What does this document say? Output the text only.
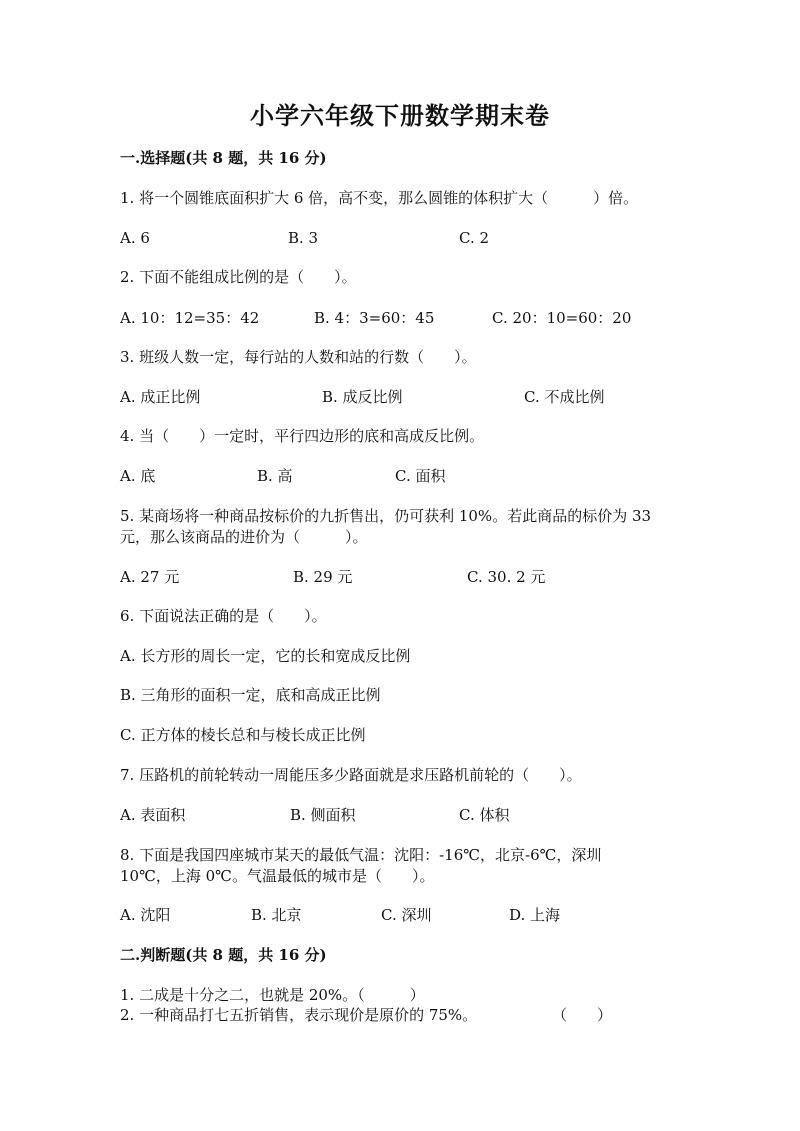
小学六年级下册数学期末卷
一.选择题(共 8 题，共 16 分)
1. 将一个圆锥底面积扩大 6 倍，高不变，那么圆锥的体积扩大（　　　）倍。
A. 6	B. 3	C. 2
2. 下面不能组成比例的是（　　）。
A. 10：12=35：42	B. 4：3=60：45	C. 20：10=60：20
3. 班级人数一定，每行站的人数和站的行数（　　）。
A. 成正比例	B. 成反比例	C. 不成比例
4. 当（　　）一定时，平行四边形的底和高成反比例。
A. 底	B. 高	C. 面积
5. 某商场将一种商品按标价的九折售出，仍可获利 10%。若此商品的标价为 33
元，那么该商品的进价为（　　　）。
A. 27 元	B. 29 元	C. 30. 2 元
6. 下面说法正确的是（　　）。
A. 长方形的周长一定，它的长和宽成反比例
B. 三角形的面积一定，底和高成正比例
C. 正方体的棱长总和与棱长成正比例
7. 压路机的前轮转动一周能压多少路面就是求压路机前轮的（　　）。
A. 表面积	B. 侧面积	C. 体积
8. 下面是我国四座城市某天的最低气温：沈阳：-16℃，北京-6℃，深圳
10℃，上海 0℃。气温最低的城市是（　　）。
A. 沈阳	B. 北京	C. 深圳	D. 上海
二.判断题(共 8 题，共 16 分)
1. 二成是十分之二，也就是 20%。（　　　）
2. 一种商品打七五折销售，表示现价是原价的 75%。	（　　）
